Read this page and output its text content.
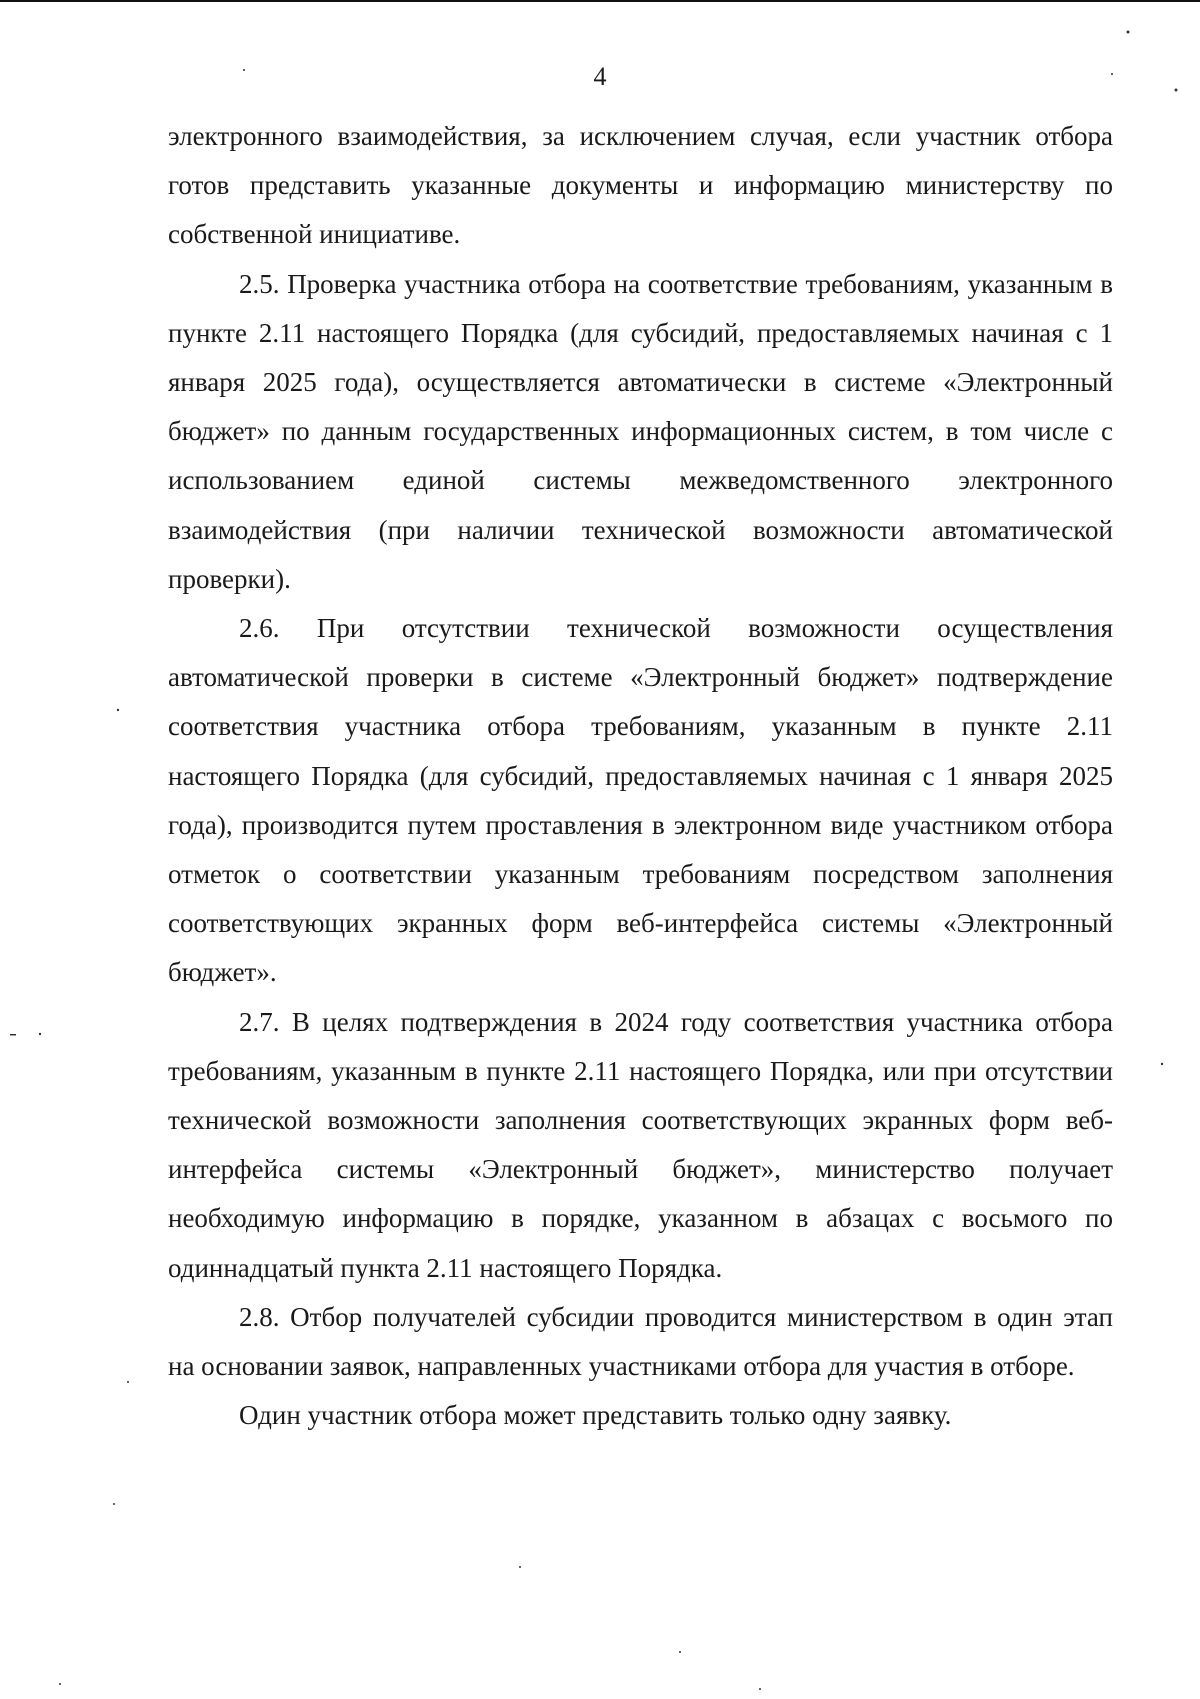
4

электронного взаимодействия, за исключением случая, если участник отбора готов представить указанные документы и информацию министерству по собственной инициативе.

2.5. Проверка участника отбора на соответствие требованиям, указанным в пункте 2.11 настоящего Порядка (для субсидий, предоставляемых начиная с 1 января 2025 года), осуществляется автоматически в системе «Электронный бюджет» по данным государственных информационных систем, в том числе с использованием единой системы межведомственного электронного взаимодействия (при наличии технической возможности автоматической проверки).

2.6. При отсутствии технической возможности осуществления автоматической проверки в системе «Электронный бюджет» подтверждение соответствия участника отбора требованиям, указанным в пункте 2.11 настоящего Порядка (для субсидий, предоставляемых начиная с 1 января 2025 года), производится путем проставления в электронном виде участником отбора отметок о соответствии указанным требованиям посредством заполнения соответствующих экранных форм веб-интерфейса системы «Электронный бюджет».

2.7. В целях подтверждения в 2024 году соответствия участника отбора требованиям, указанным в пункте 2.11 настоящего Порядка, или при отсутствии технической возможности заполнения соответствующих экранных форм веб-интерфейса системы «Электронный бюджет», министерство получает необходимую информацию в порядке, указанном в абзацах с восьмого по одиннадцатый пункта 2.11 настоящего Порядка.

2.8. Отбор получателей субсидии проводится министерством в один этап на основании заявок, направленных участниками отбора для участия в отборе.

Один участник отбора может представить только одну заявку.
